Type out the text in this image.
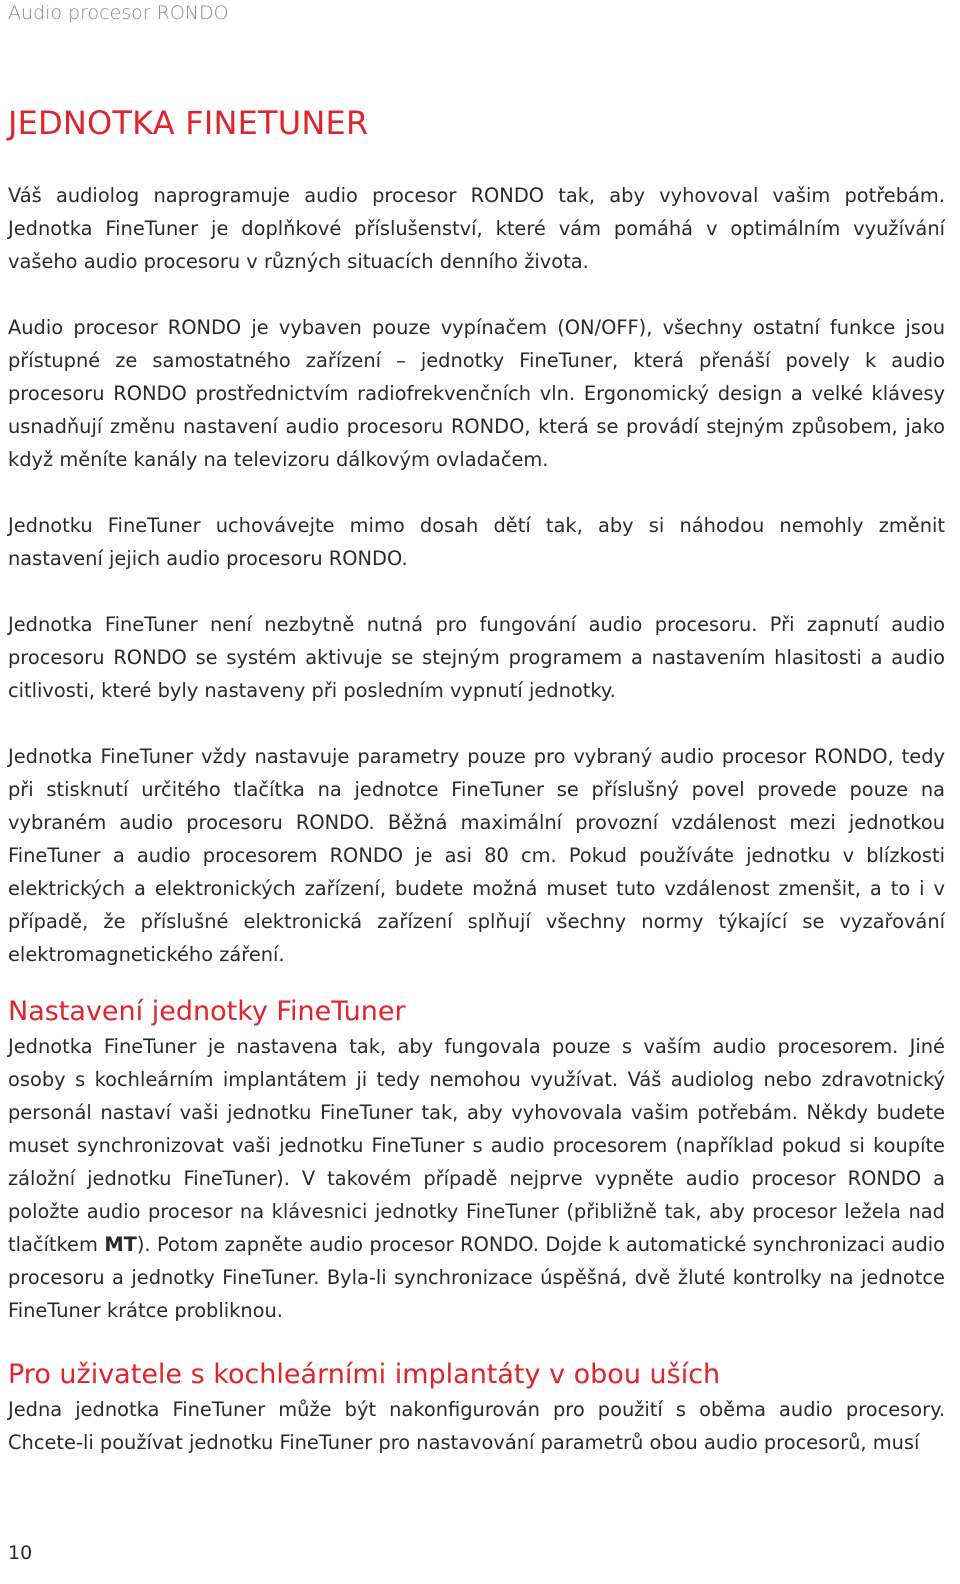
Audio procesor RONDO
JEDNOTKA FINETUNER

Váš audiolog naprogramuje audio procesor RONDO tak, aby vyhovoval vašim potřebám. Jednotka FineTuner je doplňkové příslušenství, které vám pomáhá v optimálním využívání vašeho audio procesoru v různých situacích denního života.

Audio procesor RONDO je vybaven pouze vypínačem (ON/OFF), všechny ostatní funkce jsou přístupné ze samostatného zařízení – jednotky FineTuner, která přenáší povely k audio procesoru RONDO prostřednictvím radiofrekvenčních vln. Ergonomický design a velké klávesy usnadňují změnu nastavení audio procesoru RONDO, která se provádí stejným způsobem, jako když měníte kanály na televizoru dálkovým ovladačem.

Jednotku FineTuner uchovávejte mimo dosah dětí tak, aby si náhodou nemohly změnit nastavení jejich audio procesoru RONDO.

Jednotka FineTuner není nezbytně nutná pro fungování audio procesoru. Při zapnutí audio procesoru RONDO se systém aktivuje se stejným programem a nastavením hlasitosti a audio citlivosti, které byly nastaveny při posledním vypnutí jednotky.

Jednotka FineTuner vždy nastavuje parametry pouze pro vybraný audio procesor RONDO, tedy při stisknutí určitého tlačítka na jednotce FineTuner se příslušný povel provede pouze na vybraném audio procesoru RONDO. Běžná maximální provozní vzdálenost mezi jednotkou FineTuner a audio procesorem RONDO je asi 80 cm. Pokud používáte jednotku v blízkosti elektrických a elektronických zařízení, budete možná muset tuto vzdálenost zmenšit, a to i v případě, že příslušné elektronická zařízení splňují všechny normy týkající se vyzařování elektromagnetického záření.

Nastavení jednotky FineTuner

Jednotka FineTuner je nastavena tak, aby fungovala pouze s vaším audio procesorem. Jiné osoby s kochleárním implantátem ji tedy nemohou využívat. Váš audiolog nebo zdravotnický personál nastaví vaši jednotku FineTuner tak, aby vyhovovala vašim potřebám. Někdy budete muset synchronizovat vaši jednotku FineTuner s audio procesorem (například pokud si koupíte záložní jednotku FineTuner). V takovém případě nejprve vypněte audio procesor RONDO a položte audio procesor na klávesnici jednotky FineTuner (přibližně tak, aby procesor ležela nad tlačítkem MT). Potom zapněte audio procesor RONDO. Dojde k automatické synchronizaci audio procesoru a jednotky FineTuner. Byla-li synchronizace úspěšná, dvě žluté kontrolky na jednotce FineTuner krátce probliknou.

Pro uživatele s kochleárními implantáty v obou uších

Jedna jednotka FineTuner může být nakonfigurován pro použití s oběma audio procesory. Chcete-li používat jednotku FineTuner pro nastavování parametrů obou audio procesorů, musí

10
